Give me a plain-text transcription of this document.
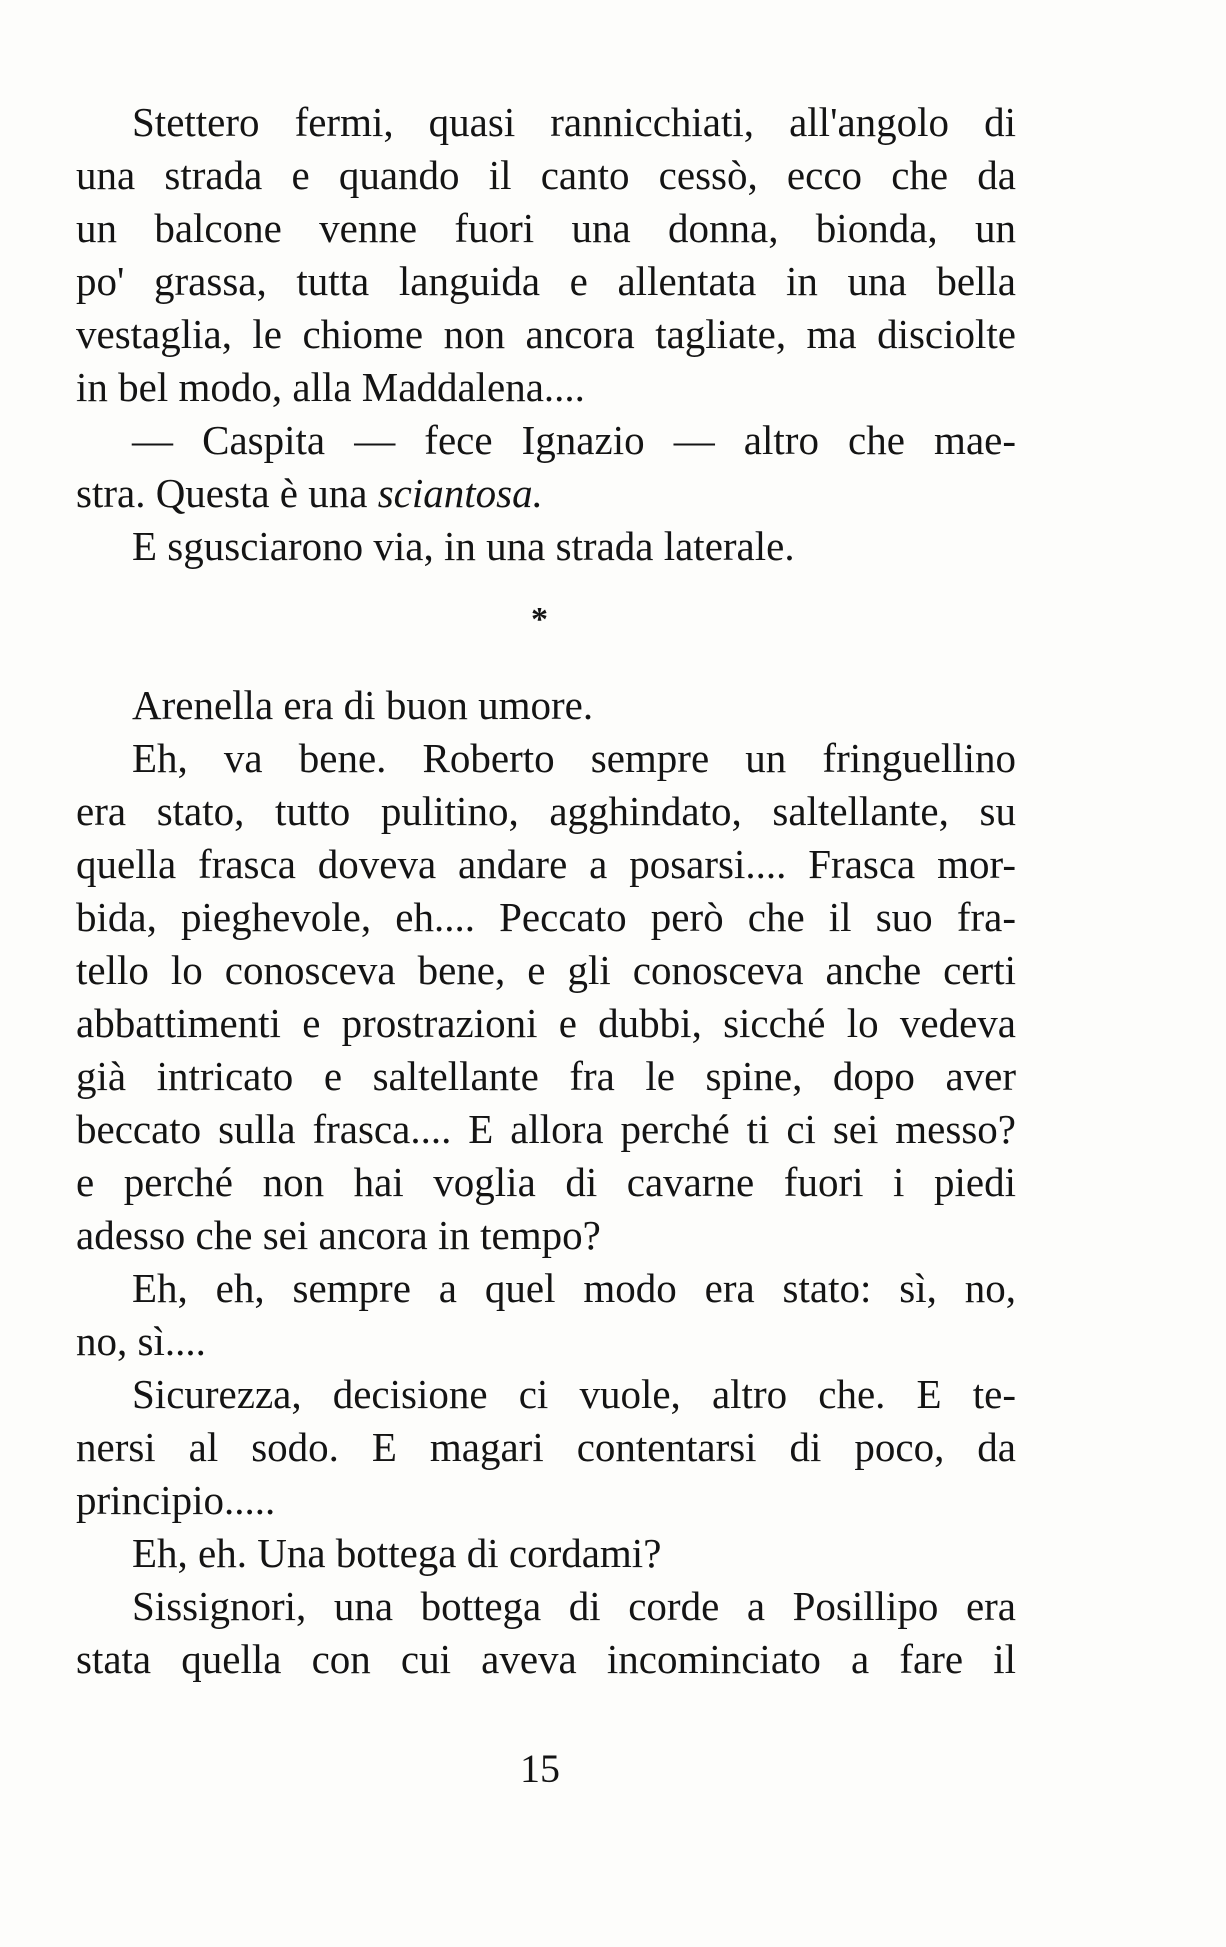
Stettero fermi, quasi rannicchiati, all'angolo di
una strada e quando il canto cessò, ecco che da
un balcone venne fuori una donna, bionda, un
po' grassa, tutta languida e allentata in una bella
vestaglia, le chiome non ancora tagliate, ma disciolte
in bel modo, alla Maddalena....
— Caspita — fece Ignazio — altro che mae-
stra. Questa è una sciantosa.
E sgusciarono via, in una strada laterale.
*
Arenella era di buon umore.
Eh, va bene. Roberto sempre un fringuellino
era stato, tutto pulitino, agghindato, saltellante, su
quella frasca doveva andare a posarsi.... Frasca mor-
bida, pieghevole, eh.... Peccato però che il suo fra-
tello lo conosceva bene, e gli conosceva anche certi
abbattimenti e prostrazioni e dubbi, sicché lo vedeva
già intricato e saltellante fra le spine, dopo aver
beccato sulla frasca.... E allora perché ti ci sei messo?
e perché non hai voglia di cavarne fuori i piedi
adesso che sei ancora in tempo?
Eh, eh, sempre a quel modo era stato: sì, no,
no, sì....
Sicurezza, decisione ci vuole, altro che. E te-
nersi al sodo. E magari contentarsi di poco, da
principio.....
Eh, eh. Una bottega di cordami?
Sissignori, una bottega di corde a Posillipo era
stata quella con cui aveva incominciato a fare il
15
